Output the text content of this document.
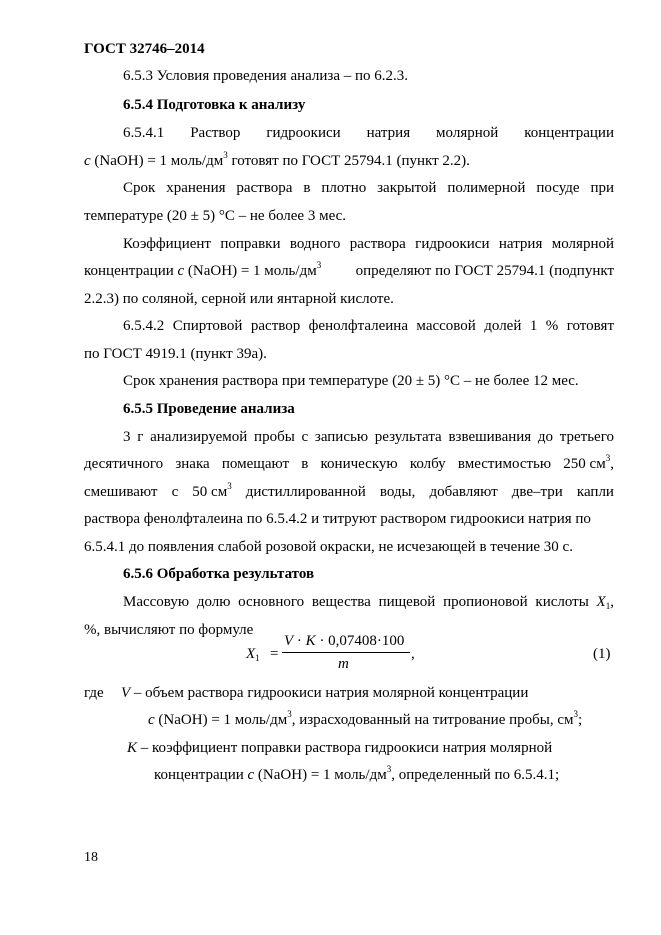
ГОСТ 32746–2014
6.5.3 Условия проведения анализа – по 6.2.3.
6.5.4 Подготовка к анализу
6.5.4.1 Раствор гидроокиси натрия молярной концентрации
c (NaOH) = 1 моль/$дм^3$ готовят по ГОСТ 25794.1 (пункт 2.2).
Срок хранения раствора в плотно закрытой полимерной посуде при
температуре (20 ± 5) °С – не более 3 мес.
Коэффициент поправки водного раствора гидроокиси натрия молярной
концентрации c (NaOH) = 1 моль/$дм^3$ определяют по ГОСТ 25794.1 (подпункт
2.2.3) по соляной, серной или янтарной кислоте.
6.5.4.2 Спиртовой раствор фенолфталеина массовой долей 1 % готовят
по ГОСТ 4919.1 (пункт 39а).
Срок хранения раствора при температуре (20 ± 5) °С – не более 12 мес.
6.5.5 Проведение анализа
3 г анализируемой пробы с записью результата взвешивания до третьего
десятичного знака помещают в коническую колбу вместимостью 250 $см^3$,
смешивают с 50 $см^3$ дистиллированной воды, добавляют две–три капли
раствора фенолфталеина по 6.5.4.2 и титруют раствором гидроокиси натрия по
6.5.4.1 до появления слабой розовой окраски, не исчезающей в течение 30 с.
6.5.6 Обработка результатов
Массовую долю основного вещества пищевой пропионовой кислоты $X_1$,
%, вычисляют по формуле
$X_1$ =
V · K · 0,07408·100
m
,	(1)
где V – объем раствора гидроокиси натрия молярной концентрации
c (NaOH) = 1 моль/$дм^3$, израсходованный на титрование пробы, $см^3$;
K – коэффициент поправки раствора гидроокиси натрия молярной
концентрации c (NaOH) = 1 моль/$дм^3$, определенный по 6.5.4.1;
18
